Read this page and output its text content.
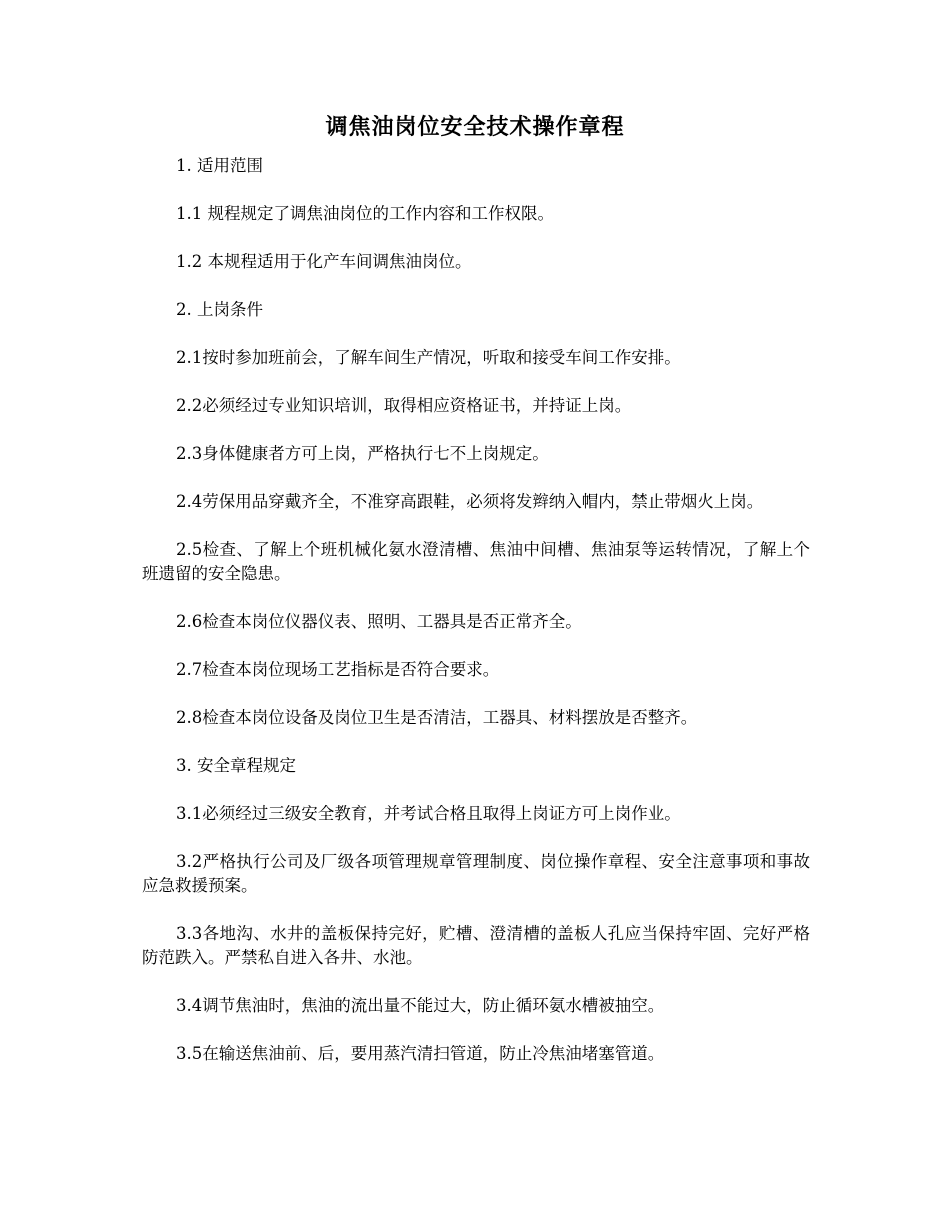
调焦油岗位安全技术操作章程

1. 适用范围

1.1 规程规定了调焦油岗位的工作内容和工作权限。

1.2 本规程适用于化产车间调焦油岗位。

2. 上岗条件

2.1按时参加班前会，了解车间生产情况，听取和接受车间工作安排。

2.2必须经过专业知识培训，取得相应资格证书，并持证上岗。

2.3身体健康者方可上岗，严格执行七不上岗规定。

2.4劳保用品穿戴齐全，不准穿高跟鞋，必须将发辫纳入帽内，禁止带烟火上岗。

2.5检查、了解上个班机械化氨水澄清槽、焦油中间槽、焦油泵等运转情况，了解上个班遗留的安全隐患。

2.6检查本岗位仪器仪表、照明、工器具是否正常齐全。

2.7检查本岗位现场工艺指标是否符合要求。

2.8检查本岗位设备及岗位卫生是否清洁，工器具、材料摆放是否整齐。

3. 安全章程规定

3.1必须经过三级安全教育，并考试合格且取得上岗证方可上岗作业。

3.2严格执行公司及厂级各项管理规章管理制度、岗位操作章程、安全注意事项和事故应急救援预案。

3.3各地沟、水井的盖板保持完好，贮槽、澄清槽的盖板人孔应当保持牢固、完好严格防范跌入。严禁私自进入各井、水池。

3.4调节焦油时，焦油的流出量不能过大，防止循环氨水槽被抽空。

3.5在输送焦油前、后，要用蒸汽清扫管道，防止冷焦油堵塞管道。
